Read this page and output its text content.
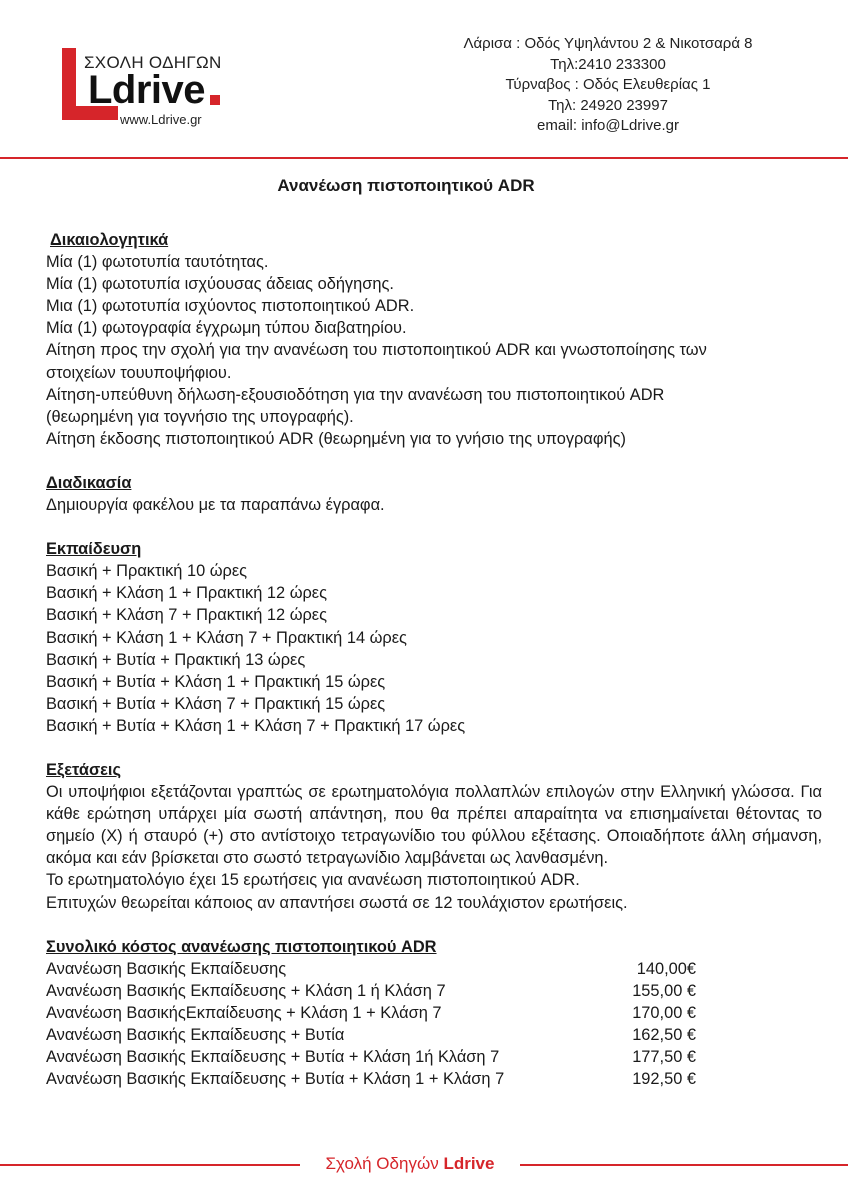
ΣΧΟΛΗ ΟΔΗΓΩΝ
Ldrive
www.Ldrive.gr
Λάρισα : Οδός Υψηλάντου 2 & Νικοτσαρά 8
Τηλ:2410 233300
Τύρναβος : Οδός Ελευθερίας 1
Τηλ: 24920 23997
email: info@Ldrive.gr
Ανανέωση πιστοποιητικού ADR
Δικαιολογητικά
Μία (1) φωτοτυπία ταυτότητας.
Μία (1) φωτοτυπία ισχύουσας άδειας οδήγησης.
Μια (1) φωτοτυπία ισχύοντος πιστοποιητικού ADR.
Μία (1) φωτογραφία έγχρωμη τύπου διαβατηρίου.
Αίτηση προς την σχολή για την ανανέωση του πιστοποιητικού ADR και γνωστοποίησης των
στοιχείων τουυποψήφιου.
Αίτηση-υπεύθυνη δήλωση-εξουσιοδότηση για την ανανέωση του πιστοποιητικού ADR
(θεωρημένη για τογνήσιο της υπογραφής).
Αίτηση έκδοσης πιστοποιητικού ADR (θεωρημένη για το γνήσιο της υπογραφής)
Διαδικασία
Δημιουργία φακέλου με τα παραπάνω έγραφα.
Εκπαίδευση
Βασική + Πρακτική 10 ώρες
Βασική + Κλάση 1 + Πρακτική 12 ώρες
Βασική + Κλάση 7 + Πρακτική 12 ώρες
Βασική + Κλάση 1 + Κλάση 7 + Πρακτική 14 ώρες
Βασική + Βυτία + Πρακτική 13 ώρες
Βασική + Βυτία + Κλάση 1 + Πρακτική 15 ώρες
Βασική + Βυτία + Κλάση 7 + Πρακτική 15 ώρες
Βασική + Βυτία + Κλάση 1 + Κλάση 7 + Πρακτική 17 ώρες
Εξετάσεις
Οι υποψήφιοι εξετάζονται γραπτώς σε ερωτηματολόγια πολλαπλών επιλογών στην Ελληνική γλώσσα. Για κάθε ερώτηση υπάρχει μία σωστή απάντηση, που θα πρέπει απαραίτητα να επισημαίνεται θέτοντας το σημείο (Χ) ή σταυρό (+) στο αντίστοιχο τετραγωνίδιο του φύλλου εξέτασης. Οποιαδήποτε άλλη σήμανση, ακόμα και εάν βρίσκεται στο σωστό τετραγωνίδιο λαμβάνεται ως λανθασμένη.
Το ερωτηματολόγιο έχει 15 ερωτήσεις για ανανέωση πιστοποιητικού ADR.
Επιτυχών θεωρείται κάποιος αν απαντήσει σωστά σε 12 τουλάχιστον ερωτήσεις.
Συνολικό κόστος ανανέωσης πιστοποιητικού ADR
Ανανέωση Βασικής Εκπαίδευσης	140,00€
Ανανέωση Βασικής Εκπαίδευσης + Κλάση 1 ή Κλάση 7	155,00 €
Ανανέωση ΒασικήςΕκπαίδευσης + Κλάση 1 + Κλάση 7	170,00 €
Ανανέωση Βασικής Εκπαίδευσης + Βυτία	162,50 €
Ανανέωση Βασικής Εκπαίδευσης + Βυτία + Κλάση 1ή Κλάση 7	177,50 €
Ανανέωση Βασικής Εκπαίδευσης + Βυτία + Κλάση 1 + Κλάση 7	192,50 €
Σχολή Οδηγών Ldrive
